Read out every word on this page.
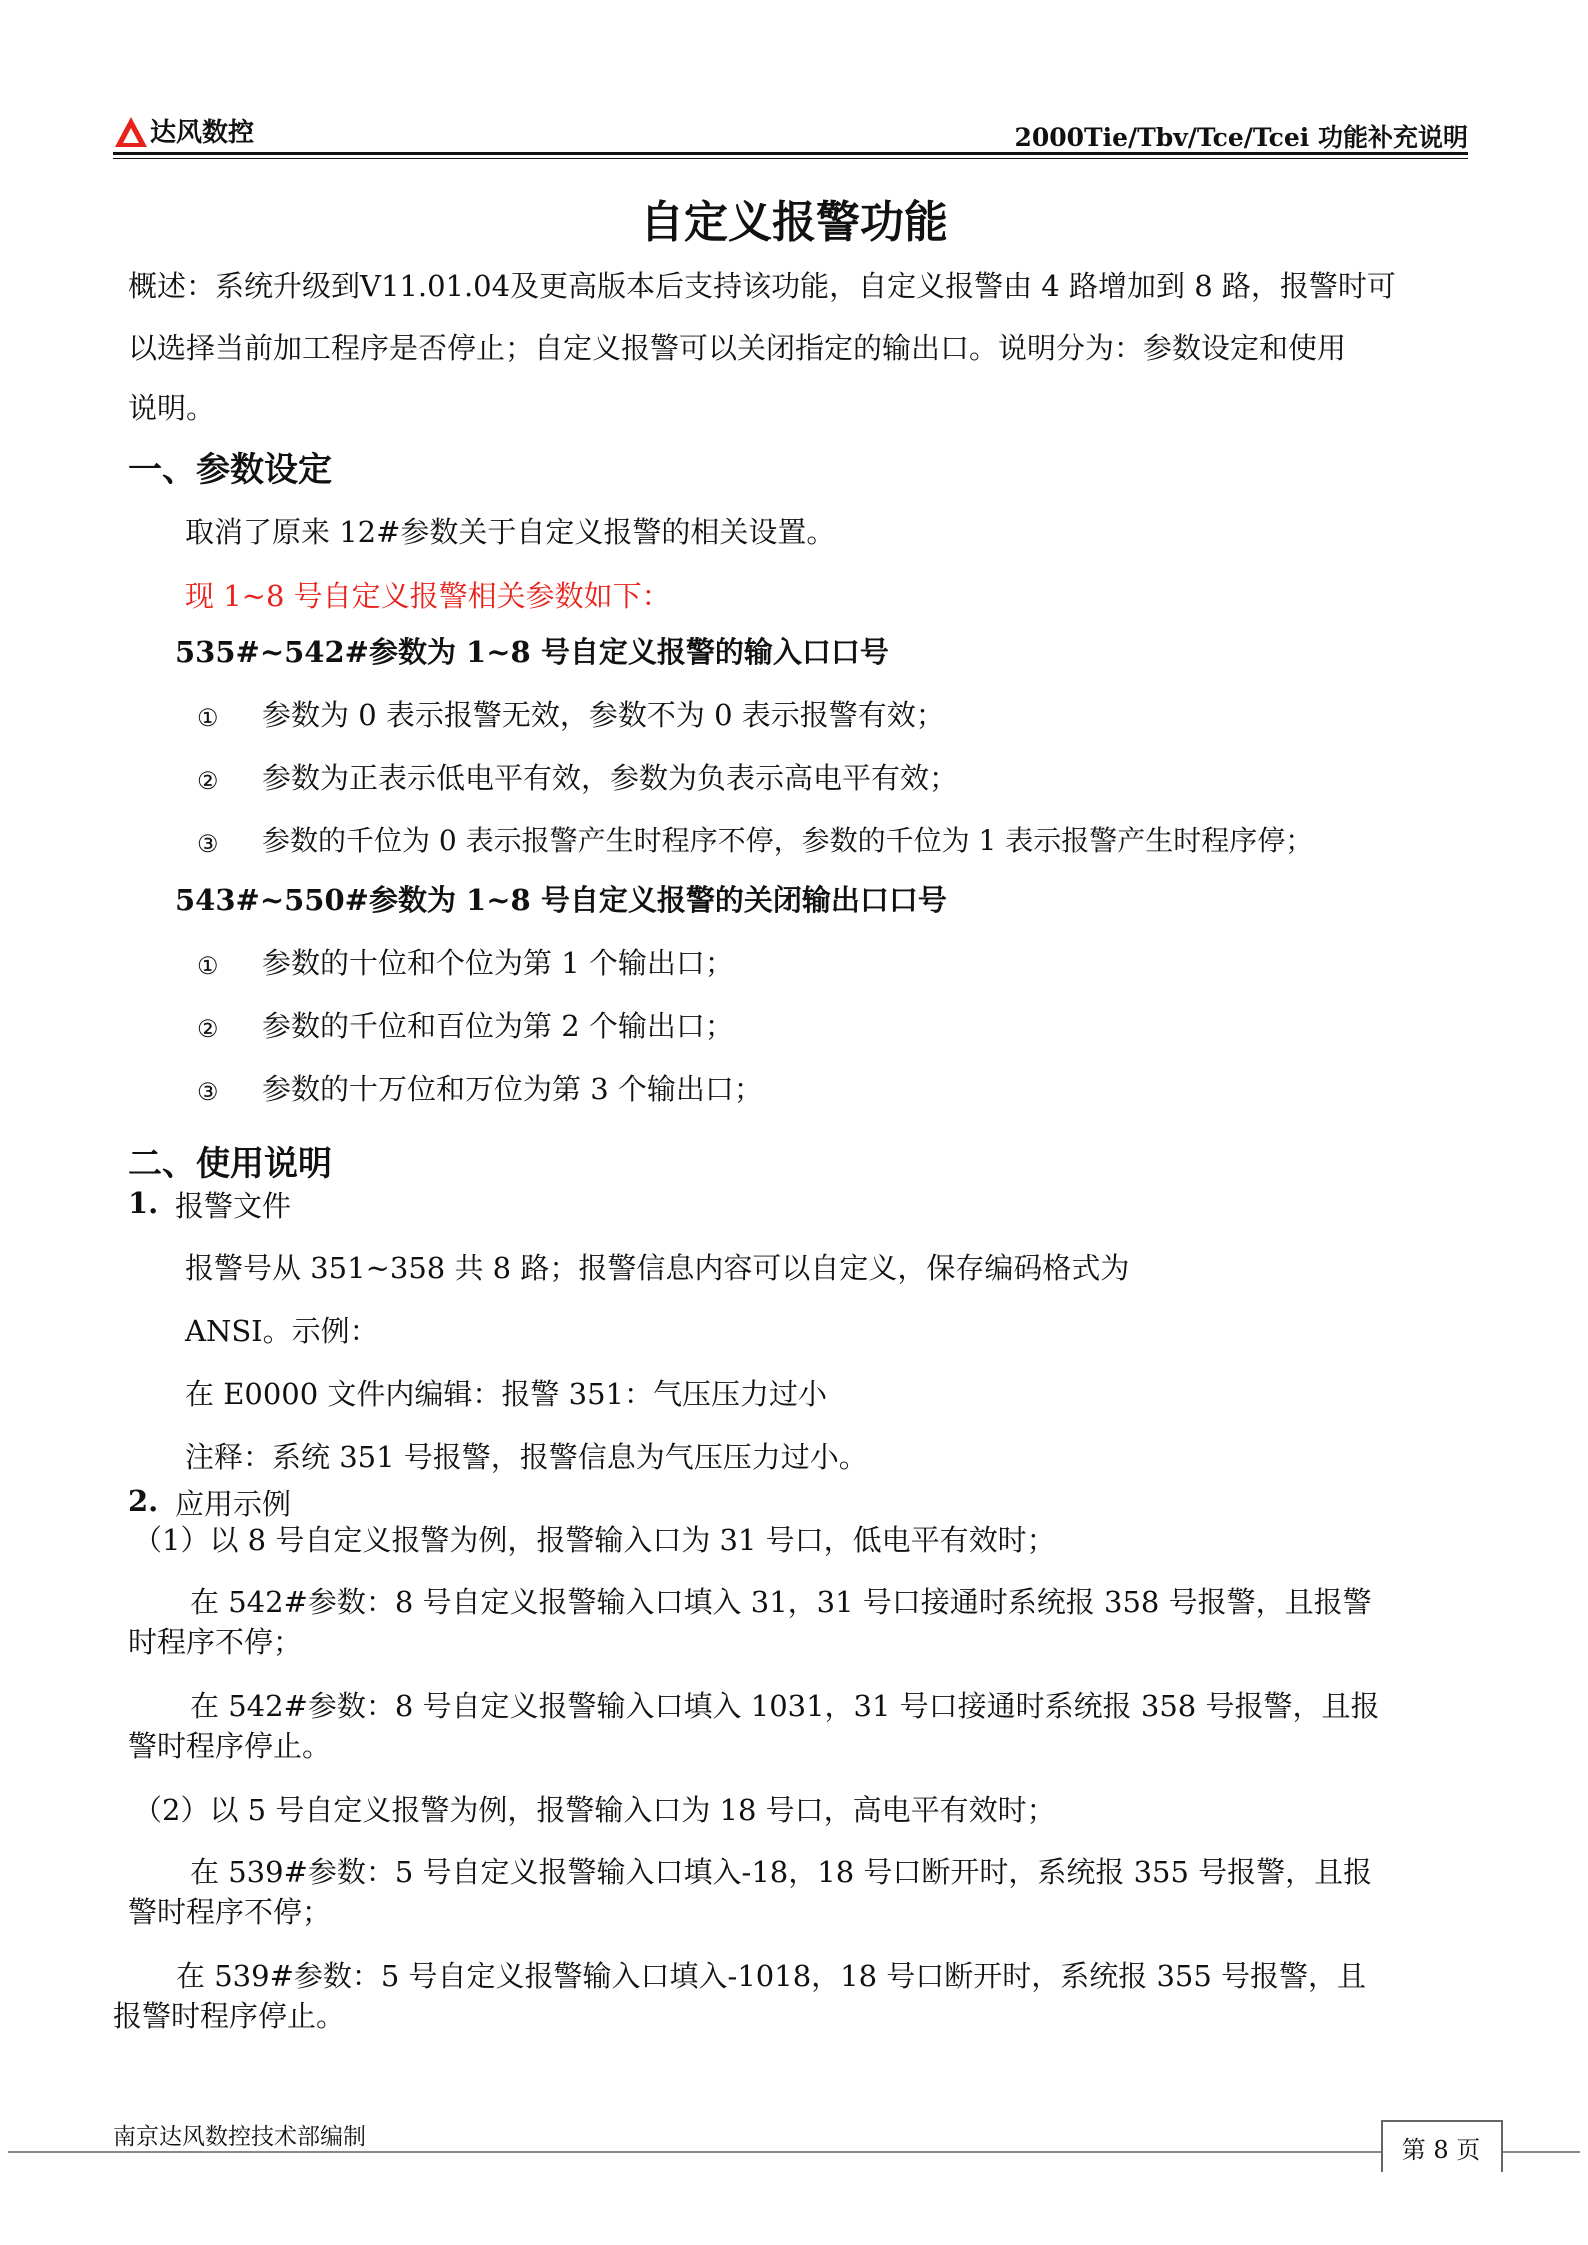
达风数控	2000Tie/Tbv/Tce/Tcei 功能补充说明
自定义报警功能
概述：系统升级到V11.01.04及更高版本后支持该功能，自定义报警由 4 路增加到 8 路，报警时可
以选择当前加工程序是否停止；自定义报警可以关闭指定的输出口。说明分为：参数设定和使用
说明。
一、参数设定
取消了原来 12#参数关于自定义报警的相关设置。
现 1~8 号自定义报警相关参数如下：
535#~542#参数为 1~8 号自定义报警的输入口口号
① 参数为 0 表示报警无效，参数不为 0 表示报警有效；
② 参数为正表示低电平有效，参数为负表示高电平有效；
③ 参数的千位为 0 表示报警产生时程序不停，参数的千位为 1 表示报警产生时程序停；
543#~550#参数为 1~8 号自定义报警的关闭输出口口号
① 参数的十位和个位为第 1 个输出口；
② 参数的千位和百位为第 2 个输出口；
③ 参数的十万位和万位为第 3 个输出口；
二、使用说明
1. 报警文件
报警号从 351~358 共 8 路；报警信息内容可以自定义，保存编码格式为
ANSI。示例：
在 E0000 文件内编辑：报警 351：气压压力过小
注释：系统 351 号报警，报警信息为气压压力过小。
2. 应用示例
（1）以 8 号自定义报警为例，报警输入口为 31 号口，低电平有效时；
在 542#参数：8 号自定义报警输入口填入 31，31 号口接通时系统报 358 号报警，且报警
时程序不停；
在 542#参数：8 号自定义报警输入口填入 1031，31 号口接通时系统报 358 号报警，且报
警时程序停止。
（2）以 5 号自定义报警为例，报警输入口为 18 号口，高电平有效时；
在 539#参数：5 号自定义报警输入口填入-18，18 号口断开时，系统报 355 号报警，且报
警时程序不停；
在 539#参数：5 号自定义报警输入口填入-1018，18 号口断开时，系统报 355 号报警，且
报警时程序停止。
南京达风数控技术部编制	第 8 页
